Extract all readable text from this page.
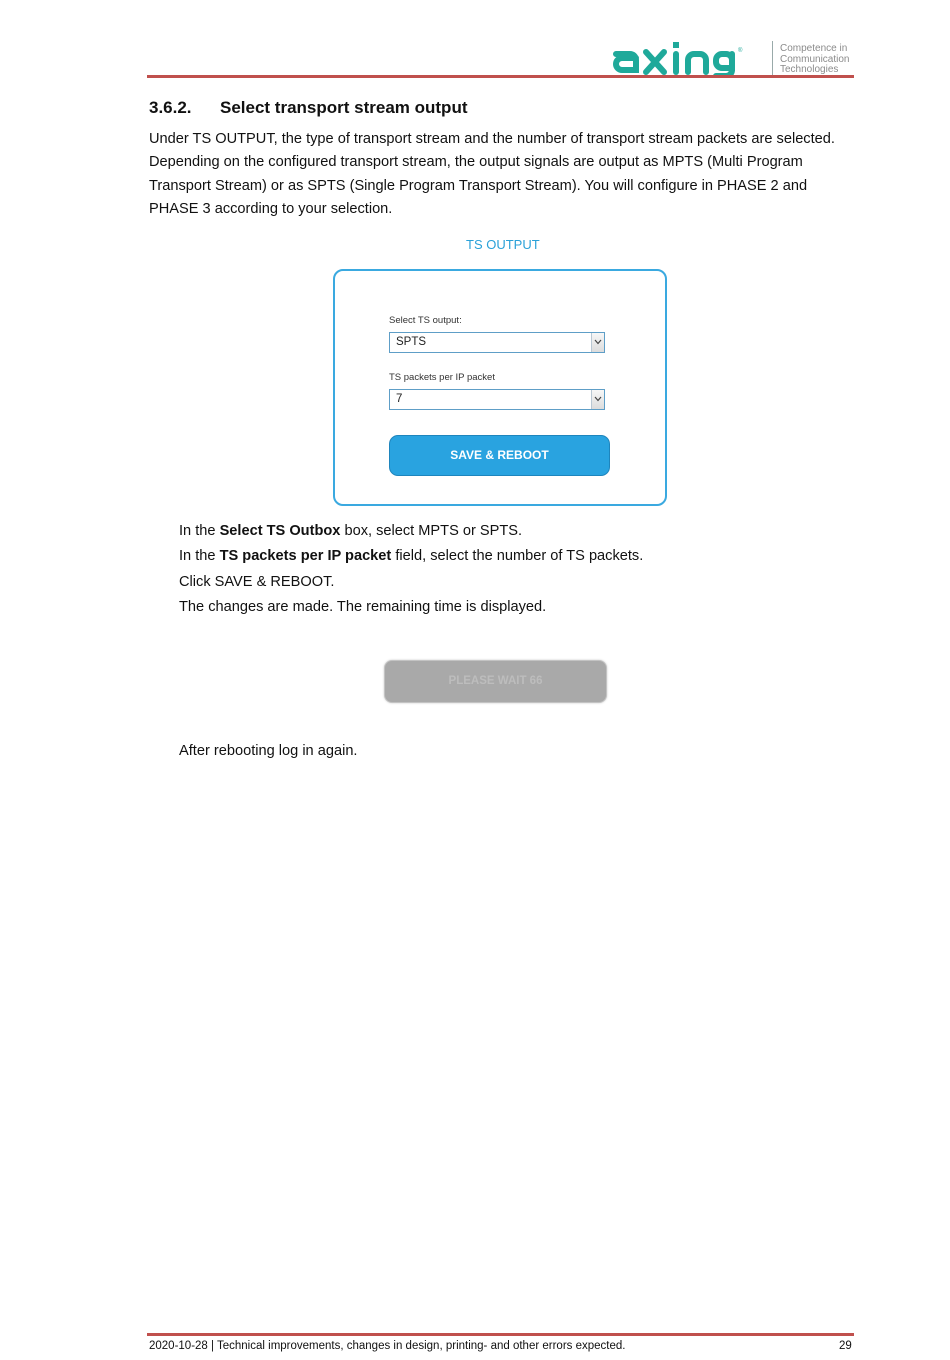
®	Competence in
Communication
Technologies
3.6.2. Select transport stream output
Under TS OUTPUT, the type of transport stream and the number of transport stream packets are selected. Depending on the configured transport stream, the output signals are output as MPTS (Multi Program Transport Stream) or as SPTS (Single Program Transport Stream). You will configure in PHASE 2 and PHASE 3 according to your selection.
TS OUTPUT
Select TS output:
SPTS
TS packets per IP packet
7
SAVE & REBOOT
In the Select TS Outbox box, select MPTS or SPTS.
In the TS packets per IP packet field, select the number of TS packets.
Click SAVE & REBOOT.
The changes are made. The remaining time is displayed.
PLEASE WAIT 66
After rebooting log in again.
2020-10-28 | Technical improvements, changes in design, printing- and other errors expected.	29
